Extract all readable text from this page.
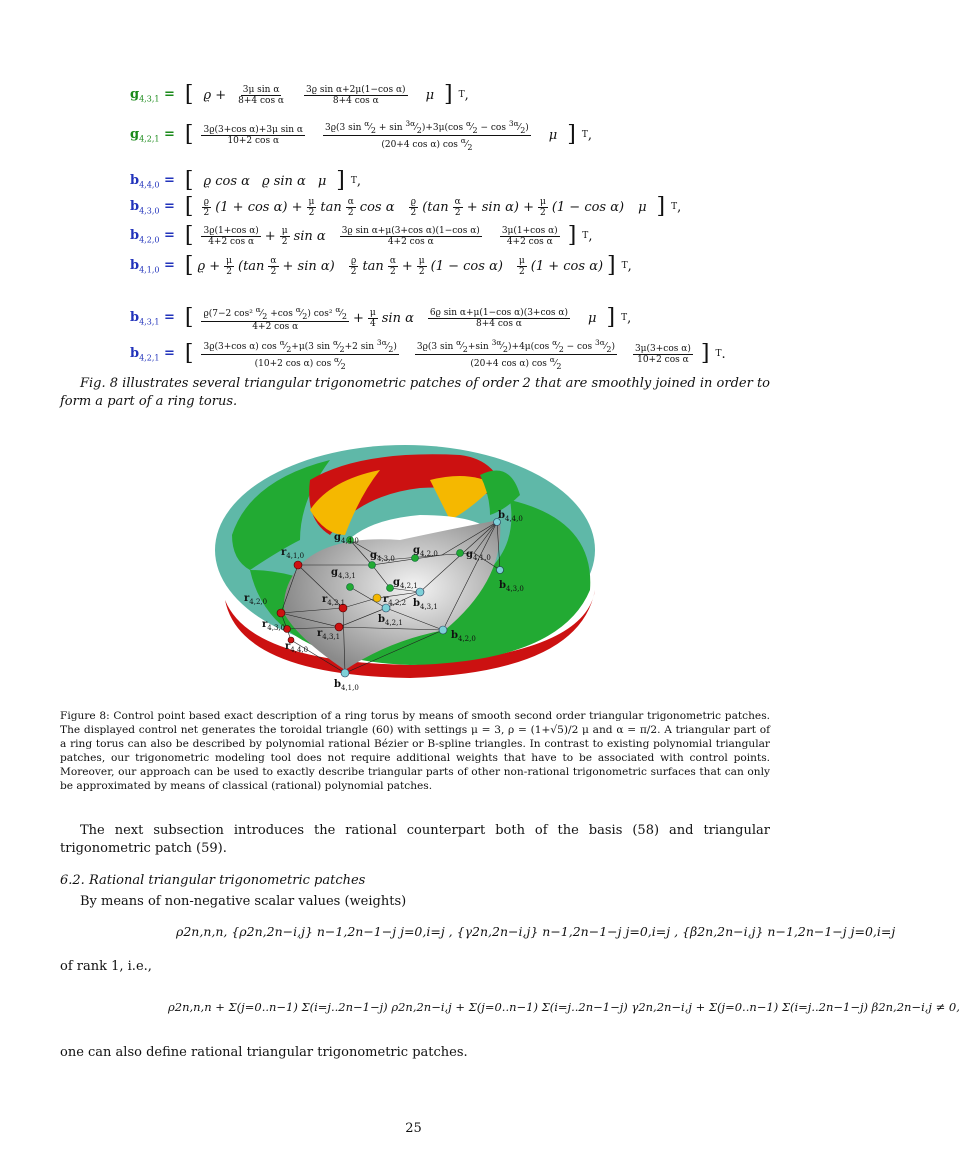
$g_{4,3,1}$ = [ $ϱ + \frac{\text{3μ sin α}}{\text{8+4 cos α}} \frac{\text{3ϱ sin α+2μ(1−cos α)}}{\text{8+4 cos α}}$ μ ] T ,
$g_{4,2,1}$ = [ $\frac{\text{3ϱ(3+cos α)+3μ sin α}}{\text{10+2 cos α}} \frac{3ϱ(3 \sin ^\alpha⁄_2 + \sin ^{3\alpha}⁄_2)+3\mu(\cos ^\alpha⁄_2 - \cos ^{3\alpha}⁄_2)}{(20+4 \cos \alpha) \cos ^\alpha⁄_2}$ μ ] T ,
$b_{4,4,0}$ = [ ϱ cos α ϱ sin α μ ] T ,
$b_{4,3,0}$ = [ $\frac{ϱ}{2} (1 + \cos \alpha) + \frac{\mu}{2}$ $\tan \frac{\alpha}{2}$ cos α $\frac{ϱ}{2} (\tan \frac{\alpha}{2} + \sin \alpha) + \frac{\mu}{2} (1 - \cos \alpha)$ μ ] T ,
$b_{4,2,0}$ = [ $\frac{\text{3ϱ(1+cos α)}}{\text{4+2 cos α}} + \frac{\mu}{2}$ sin α $\frac{\text{3ϱ sin α+μ(3+cos α)(1−cos α)}}{\text{4+2 cos α}} \frac{\text{3μ(1+cos α)}}{\text{4+2 cos α}}$ ] T ,
$b_{4,1,0}$ = [ $ϱ + \frac{\mu}{2} (\tan \frac{\alpha}{2} + \sin \alpha) \frac{ϱ}{2}$ $\tan \frac{\alpha}{2} + \frac{\mu}{2} (1 - \cos \alpha) \frac{\mu}{2} (1 + \cos \alpha)$ ] T ,
$b_{4,3,1}$ = [ $\frac{ϱ(7-2 \cos^2 ^\alpha⁄_2 +\cos ^\alpha⁄_2) \cos^2 ^\alpha⁄_2}{\text{4+2 cos α}} + \frac{\mu}{4}$ sin α $\frac{\text{6ϱ sin α+μ(1−cos α)(3+cos α)}}{\text{8+4 cos α}}$ μ ] T ,
$b_{4,2,1}$ = [ $\frac{3ϱ(3+\cos \alpha) \cos ^\alpha⁄_2+\mu(3 \sin ^\alpha⁄_2+2 \sin ^{3\alpha}⁄_2)}{(10+2 \cos \alpha) \cos ^\alpha⁄_2} \frac{3ϱ(3 \sin ^\alpha⁄_2+\sin ^{3\alpha}⁄_2)+4\mu(\cos ^\alpha⁄_2 - \cos ^{3\alpha}⁄_2)}{(20+4 \cos \alpha) \cos ^\alpha⁄_2} \frac{\text{3μ(3+cos α)}}{\text{10+2 cos α}}$ ] T .
Fig. 8 illustrates several triangular trigonometric patches of order 2 that are smoothly joined in order to form a part of a ring torus.
$b_{4,4,0}$
$b_{4,3,0}$
$b_{4,2,0}$
$b_{4,1,0}$
$b_{4,3,1}$
$b_{4,2,1}$
$g_{4,4,0}$
$g_{4,3,0}$
$g_{4,2,0}$	$g_{4,1,0}$
$g_{4,3,1}$
$g_{4,2,1}$
$r_{4,1,0}$
$r_{4,2,0}$
$r_{4,3,0}$
$r_{4,4,0}$
$r_{4,3,1}$
$r_{4,2,1}$	$r_{4,2,2}$
Figure 8: Control point based exact description of a ring torus by means of smooth second order triangular trigonometric patches. The displayed control net generates the toroidal triangle (60) with settings μ = 3, ρ = (1+√5)/2 μ and α = π/2. A triangular part of a ring torus can also be described by polynomial rational Bézier or B-spline triangles. In contrast to existing polynomial triangular patches, our trigonometric modeling tool does not require additional weights that have to be associated with control points. Moreover, our approach can be used to exactly describe triangular parts of other non-rational trigonometric surfaces that can only be approximated by means of classical (rational) polynomial patches.
The next subsection introduces the rational counterpart both of the basis (58) and triangular trigonometric patch (59).
6.2. Rational triangular trigonometric patches
By means of non-negative scalar values (weights)
ρ2n,n,n, {ρ2n,2n−i,j} n−1,2n−1−j j=0,i=j , {γ2n,2n−i,j} n−1,2n−1−j j=0,i=j , {β2n,2n−i,j} n−1,2n−1−j j=0,i=j
of rank 1, i.e.,
ρ2n,n,n + Σ(j=0..n−1) Σ(i=j..2n−1−j) ρ2n,2n−i,j + Σ(j=0..n−1) Σ(i=j..2n−1−j) γ2n,2n−i,j + Σ(j=0..n−1) Σ(i=j..2n−1−j) β2n,2n−i,j ≠ 0,
one can also define rational triangular trigonometric patches.
25
